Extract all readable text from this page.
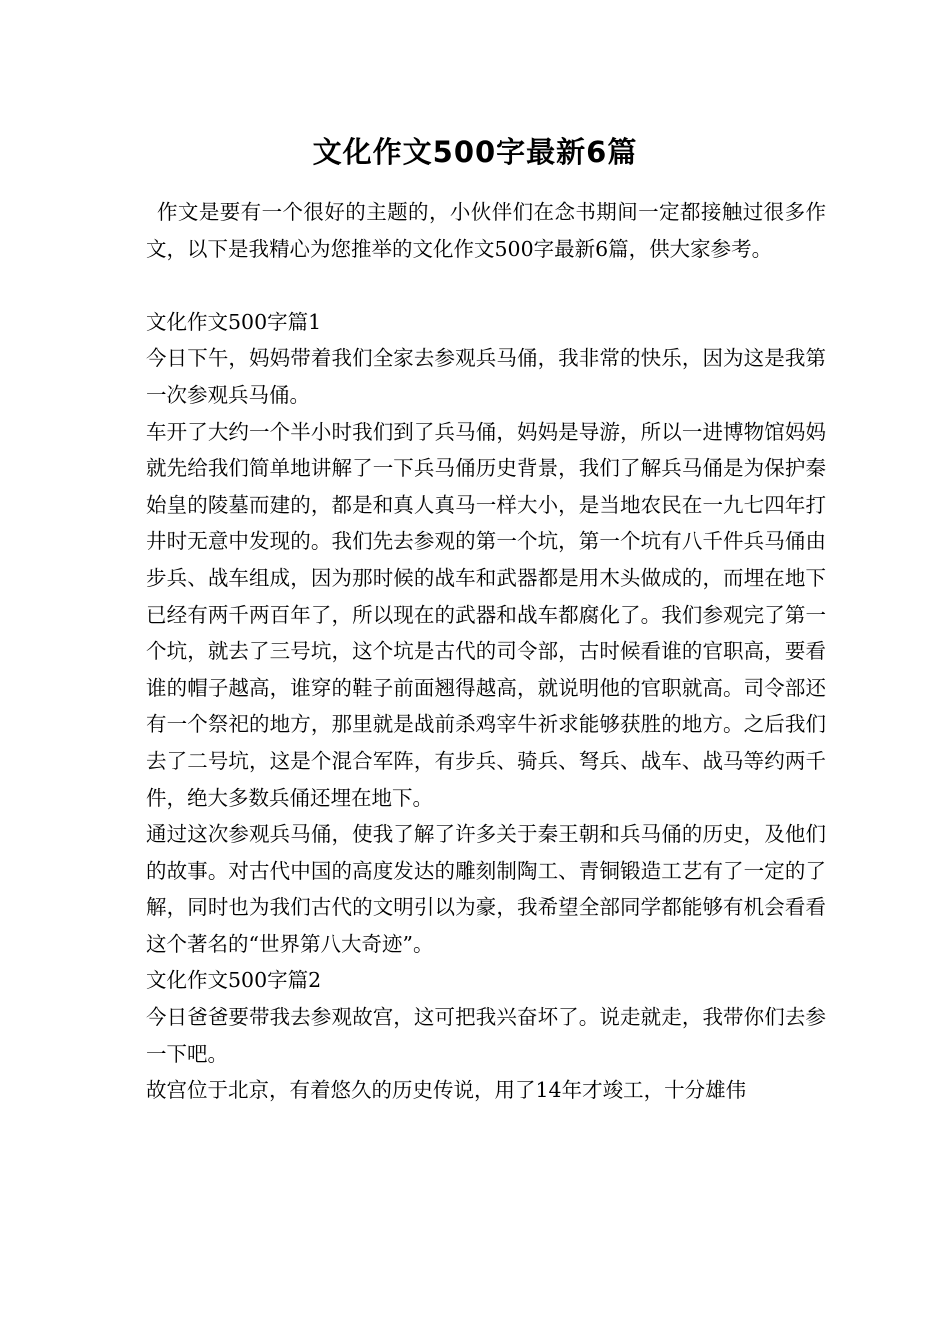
文化作文500字最新6篇

作文是要有一个很好的主题的，小伙伴们在念书期间一定都接触过很多作文，以下是我精心为您推举的文化作文500字最新6篇，供大家参考。

文化作文500字篇1

今日下午，妈妈带着我们全家去参观兵马俑，我非常的快乐，因为这是我第一次参观兵马俑。

车开了大约一个半小时我们到了兵马俑，妈妈是导游，所以一进博物馆妈妈就先给我们简单地讲解了一下兵马俑历史背景，我们了解兵马俑是为保护秦始皇的陵墓而建的，都是和真人真马一样大小，是当地农民在一九七四年打井时无意中发现的。我们先去参观的第一个坑，第一个坑有八千件兵马俑由步兵、战车组成，因为那时候的战车和武器都是用木头做成的，而埋在地下已经有两千两百年了，所以现在的武器和战车都腐化了。我们参观完了第一个坑，就去了三号坑，这个坑是古代的司令部，古时候看谁的官职高，要看谁的帽子越高，谁穿的鞋子前面翘得越高，就说明他的官职就高。司令部还有一个祭祀的地方，那里就是战前杀鸡宰牛祈求能够获胜的地方。之后我们去了二号坑，这是个混合军阵，有步兵、骑兵、弩兵、战车、战马等约两千件，绝大多数兵俑还埋在地下。

通过这次参观兵马俑，使我了解了许多关于秦王朝和兵马俑的历史，及他们的故事。对古代中国的高度发达的雕刻制陶工、青铜锻造工艺有了一定的了解，同时也为我们古代的文明引以为豪，我希望全部同学都能够有机会看看这个著名的“世界第八大奇迹”。

文化作文500字篇2

今日爸爸要带我去参观故宫，这可把我兴奋坏了。说走就走，我带你们去参一下吧。

故宫位于北京，有着悠久的历史传说，用了14年才竣工，十分雄伟
